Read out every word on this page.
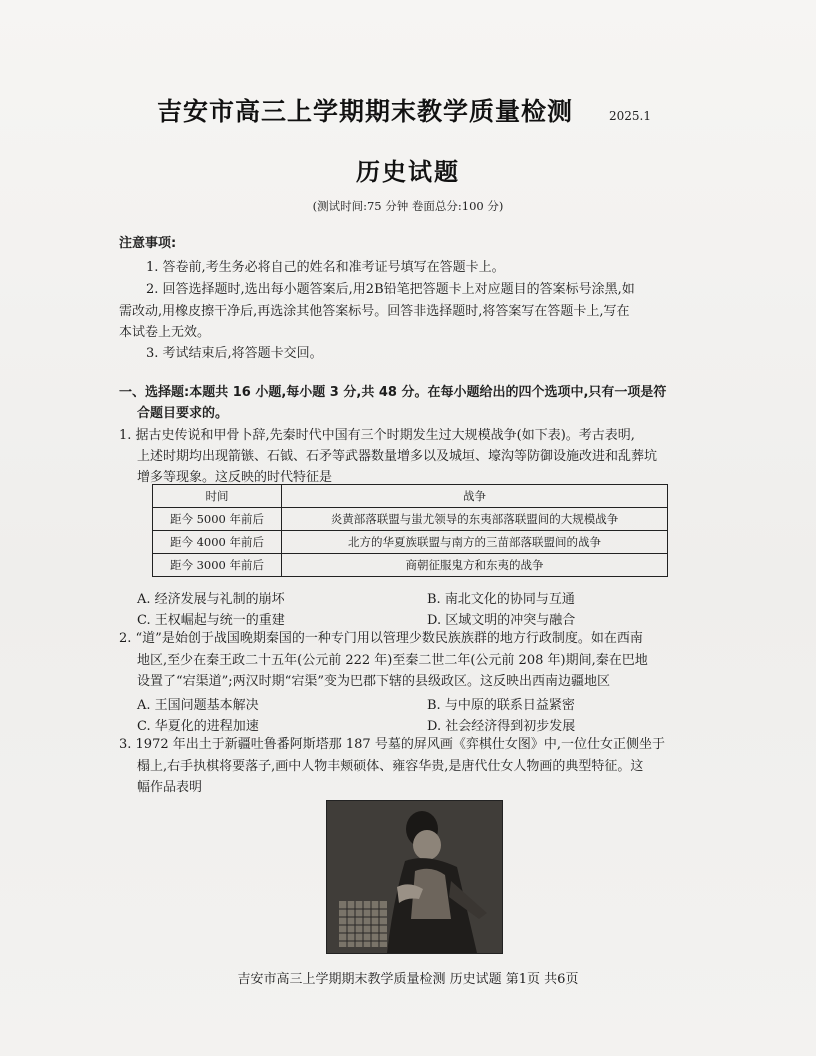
吉安市高三上学期期末教学质量检测	2025.1
历史试题
(测试时间:75 分钟 卷面总分:100 分)
注意事项:
1. 答卷前,考生务必将自己的姓名和准考证号填写在答题卡上。
2. 回答选择题时,选出每小题答案后,用2B铅笔把答题卡上对应题目的答案标号涂黑,如
需改动,用橡皮擦干净后,再选涂其他答案标号。回答非选择题时,将答案写在答题卡上,写在
本试卷上无效。
3. 考试结束后,将答题卡交回。
一、选择题:本题共 16 小题,每小题 3 分,共 48 分。在每小题给出的四个选项中,只有一项是符
合题目要求的。
1. 据古史传说和甲骨卜辞,先秦时代中国有三个时期发生过大规模战争(如下表)。考古表明,
上述时期均出现箭镞、石钺、石矛等武器数量增多以及城垣、壕沟等防御设施改进和乱葬坑
增多等现象。这反映的时代特征是
时间	战争
距今 5000 年前后	炎黄部落联盟与蚩尤领导的东夷部落联盟间的大规模战争
距今 4000 年前后	北方的华夏族联盟与南方的三苗部落联盟间的战争
距今 3000 年前后	商朝征服鬼方和东夷的战争
A. 经济发展与礼制的崩坏	B. 南北文化的协同与互通
C. 王权崛起与统一的重建	D. 区域文明的冲突与融合
2. “道”是始创于战国晚期秦国的一种专门用以管理少数民族族群的地方行政制度。如在西南
地区,至少在秦王政二十五年(公元前 222 年)至秦二世二年(公元前 208 年)期间,秦在巴地
设置了“宕渠道”;两汉时期“宕渠”变为巴郡下辖的县级政区。这反映出西南边疆地区
A. 王国问题基本解决	B. 与中原的联系日益紧密
C. 华夏化的进程加速	D. 社会经济得到初步发展
3. 1972 年出土于新疆吐鲁番阿斯塔那 187 号墓的屏风画《弈棋仕女图》中,一位仕女正侧坐于
榻上,右手执棋将要落子,画中人物丰颊硕体、雍容华贵,是唐代仕女人物画的典型特征。这
幅作品表明
吉安市高三上学期期末教学质量检测 历史试题 第1页 共6页
